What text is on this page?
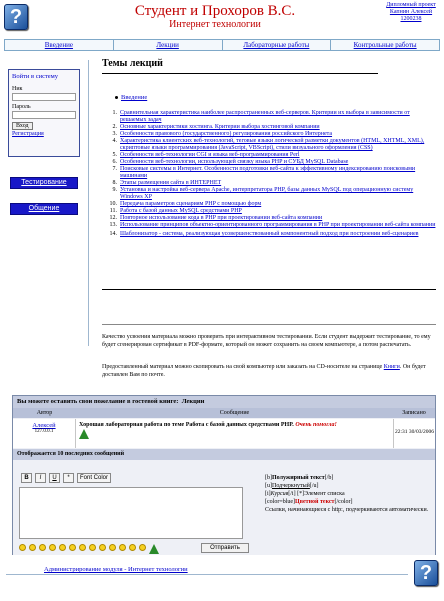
?	Студент и Прохоров В.С.
Интернет технологии
Дипломный проект
Капнин Алексей
1200238
Введение	Лекции	Лабораторные работы	Контрольные работы
Войти в систему
Ник
Пароль
Вход
Регистрация
Тестирование
Общение
Темы лекций
Введение
1. Сравнительная характеристика наиболее распространенных веб-серверов. Критерии их выбора в зависимости от решаемых задач
2. Основные характеристики хостинга. Критерии выбора хостинговой компании
3. Особенности правового (государственного) регулирования российского Интернета
4. Характеристика клиентских веб-технологий, теговые языки логической разметки документов (HTML, XHTML, XML), скриптовые языки программирования (JavaScript, VBScript), стили визуального оформления (CSS)
5. Особенности веб-технологии CGI и языка веб-программирования Perl
6. Особенности веб-технологии, использующей связку языка PHP и СУБД MySQL Database
7. Поисковые системы в Интернет. Особенности подготовки веб-сайта к эффективному индексированию поисковыми машинами
8. Этапы размещения сайта в ИНТЕРНЕТ
9. Установка и настройка веб-сервера Apache, интерпретатора PHP, базы данных MySQL под операционную систему Windows XP
10. Передача параметров сценариям PHP с помощью форм
11. Работа с базой данных MySQL средствами PHP
12. Повторное использование кода в PHP при проектировании веб-сайта компании
13. Использование принципов объектно-ориентированного программирования в PHP при проектировании веб-сайта компании
14. Шаблонизатор - система, реализующая усовершенствованный компонентный подход при построении веб-сценариев
Качество усвоения материала можно проверить при интерактивном тестировании. Если студент выдержит тестирование, то ему будет сгенерирован сертификат в PDF-формате, который он может сохранить на своем компьютере, а потом распечатать.
Предоставленный материал можно скопировать на свой компьютер или заказать на CD-носителе на странице Книги. Он будет доставлен Вам по почте.
Вы можете оставить свои пожелание в гостевой книге: Лекции
Автор	Сообщение	Записано
Алексей
127.0.0.1
Хорошая лабораторная работа по теме Работа с базой данных средствами PHP. Очень помогла!
22:31 30/03/2006
Отображается 10 последних сообщений
B	I	U	*	Font Color
Отправить
[b]Полужирный текст[/b]
[u]Подчеркнутый[/u]
[i]Курсив[/i] [*]Элемент списка
[color=blue]Цветной текст[/color]
Ссылки, начинающиеся с http:, подчеркиваются автоматически.
Администрирование модуля - Интернет технологии	?
